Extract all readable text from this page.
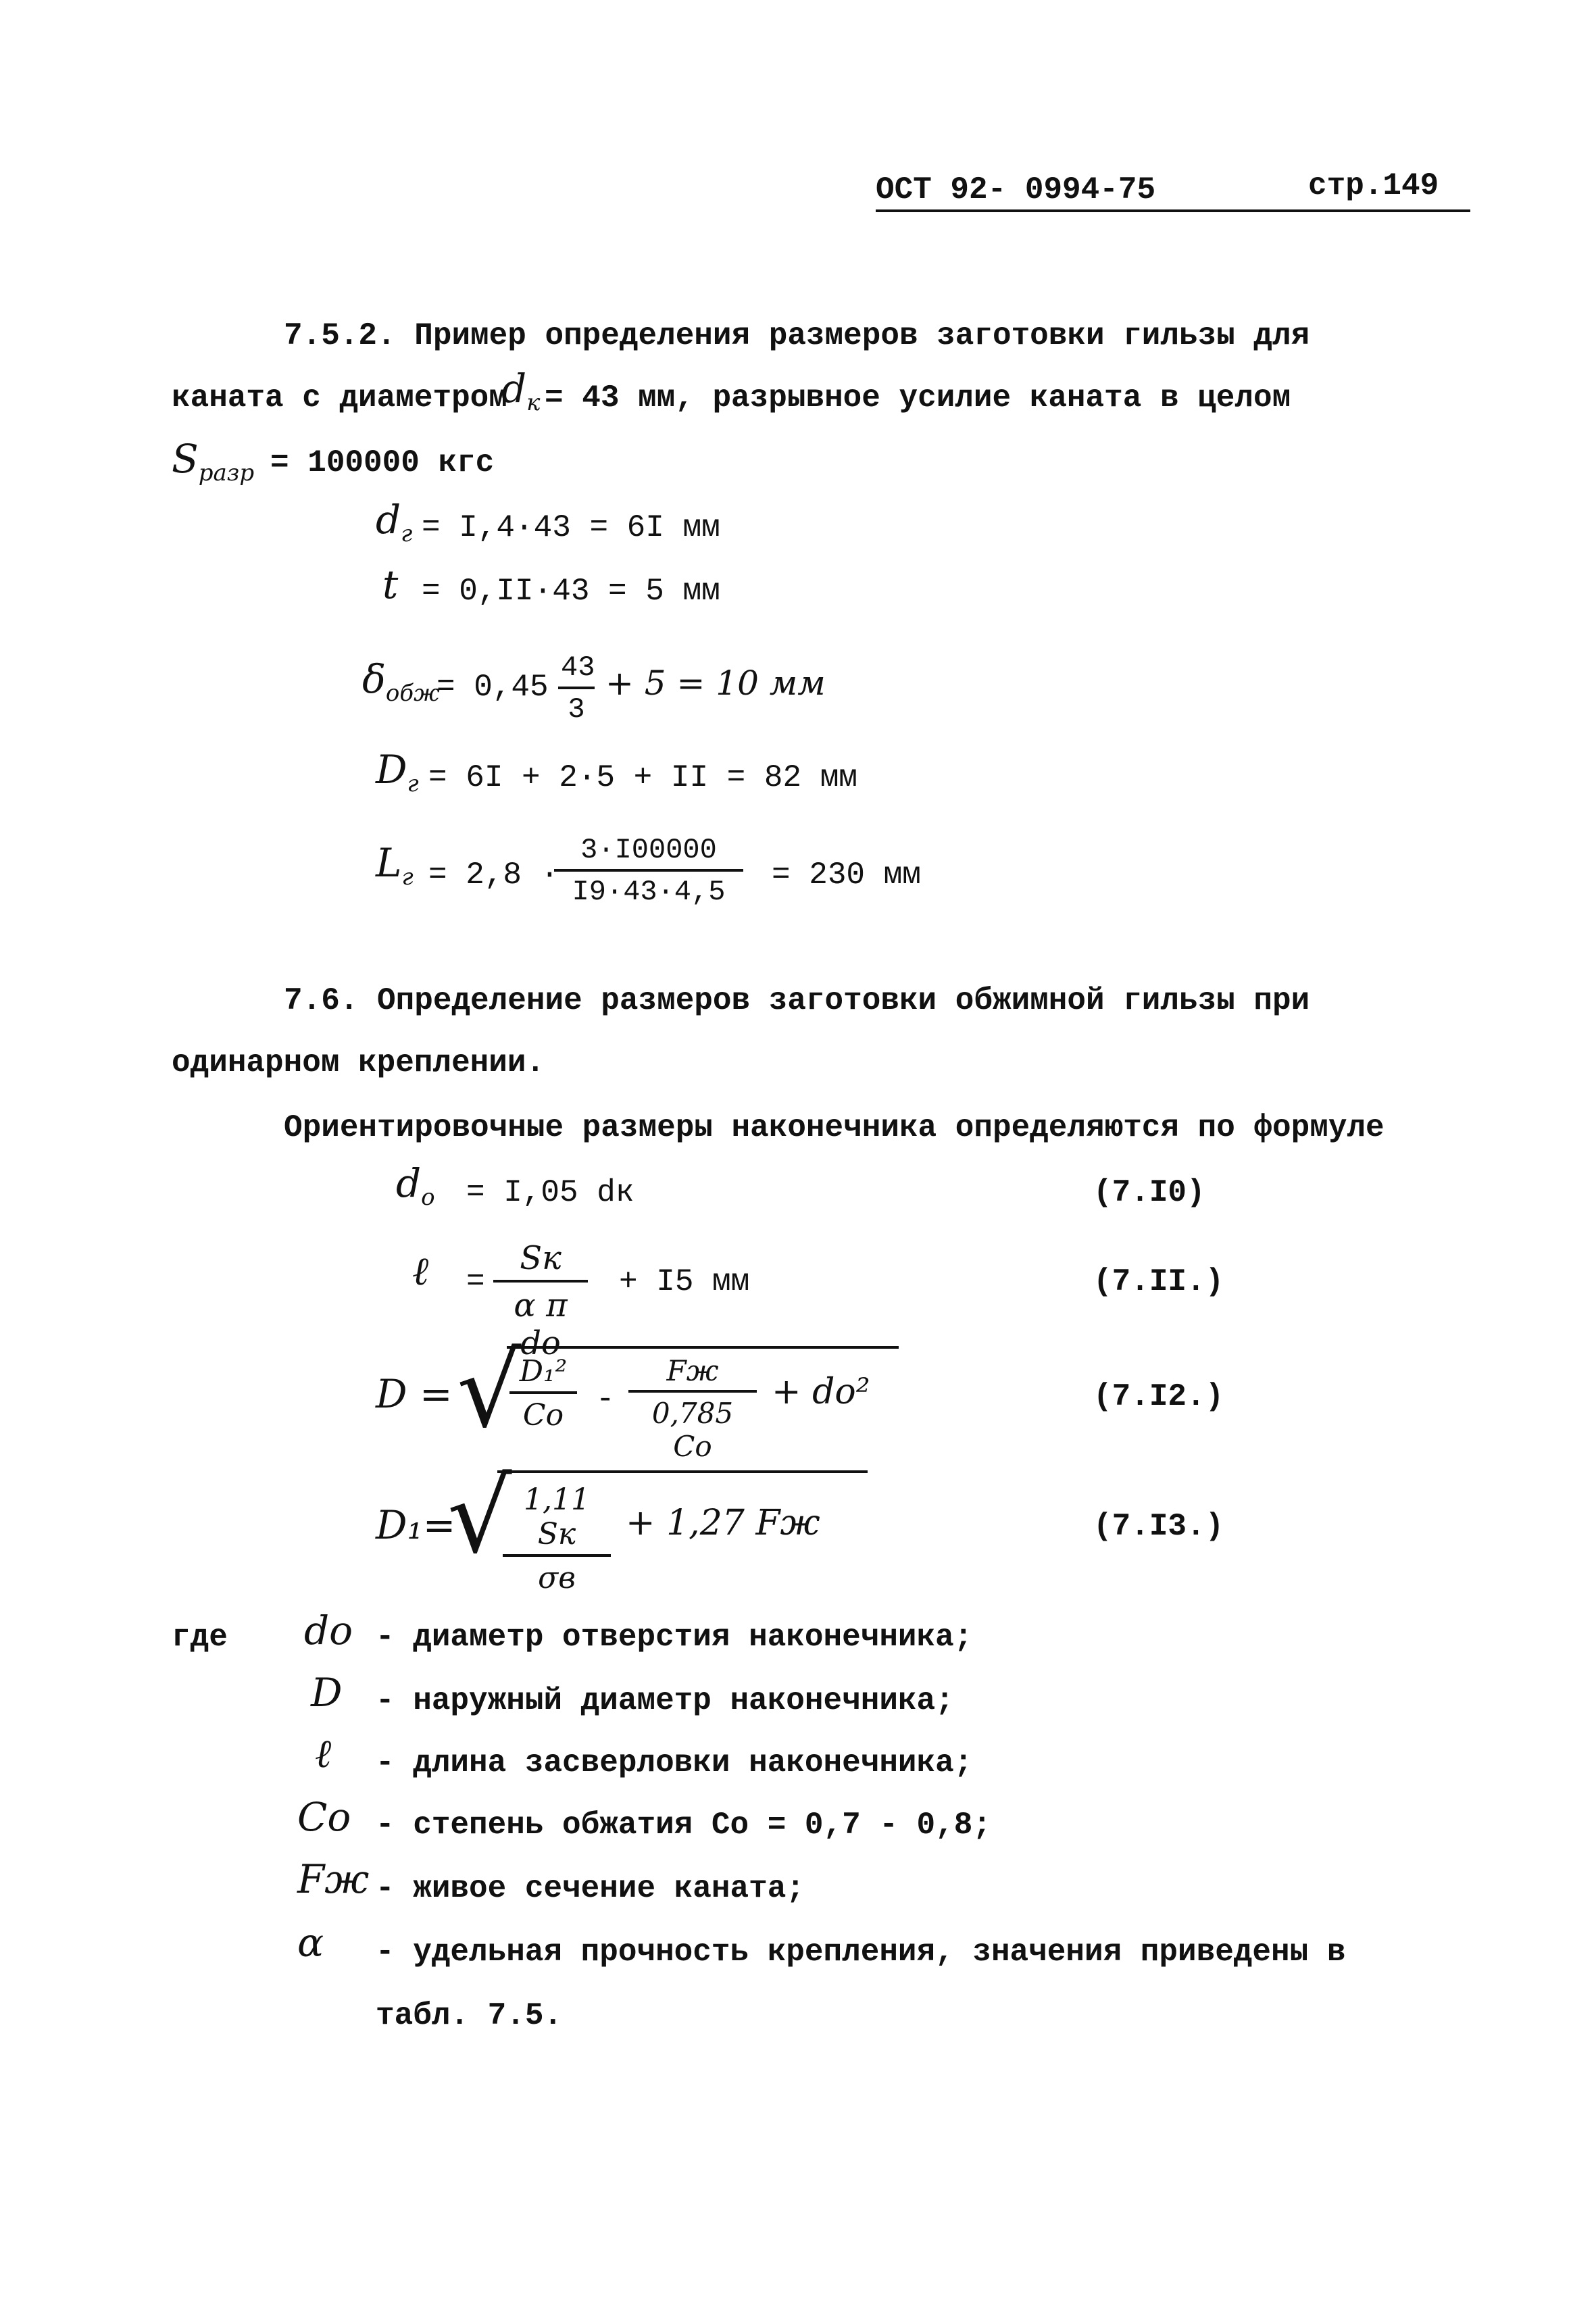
ОСТ 92- 0994-75	стр.149
7.5.2. Пример определения размеров заготовки гильзы для
каната с диаметром
$d_к = 43$ мм, разрывное усилие каната в целом
$S_{разр} = 100000$ кгс
$d_г = I,4\cdot 43 = 6I$ мм
t = 0,II·43 = 5 мм
$\delta_{обж}$
= $0,45 \frac{43}{3} + 5 = 10$ мм
$D_г = 6I + 2\cdot 5$ + II = 82 мм
$L_г = 2,8$ ·
$\frac{3\cdot I00000}{I9\cdot 43\cdot 4,5} = 230$ мм
7.6. Определение размеров заготовки обжимной гильзы при
одинарном креплении.
Ориентировочные размеры наконечника определяются по формуле
$d_о = I,05$ dк	(7.I0)
ℓ =
Sк
α π dо
+ I5 мм	(7.II.)
D = √
D₁²
Cо	-
Fж
0,785 Cо
+ dо²	(7.I2.)
D₁=
√ 1,11 Sк
σв
+ 1,27 Fж	(7.I3.)
где dо - диаметр отверстия наконечника;
D - наружный диаметр наконечника;
ℓ - длина засверловки наконечника;
Cо - степень обжатия Cо = 0,7 - 0,8;
Fж - живое сечение каната;
α - удельная прочность крепления, значения приведены в
табл. 7.5.
